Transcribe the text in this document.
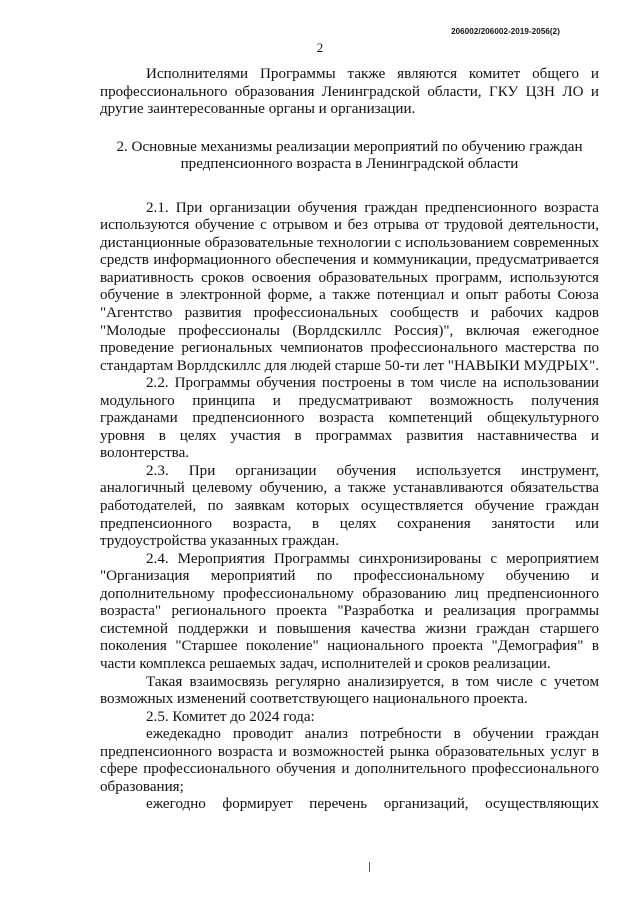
206002/206002-2019-2056(2)
2

Исполнителями Программы также являются комитет общего и профессионального образования Ленинградской области, ГКУ ЦЗН ЛО и другие заинтересованные органы и организации.

2. Основные механизмы реализации мероприятий по обучению граждан предпенсионного возраста в Ленинградской области

2.1. При организации обучения граждан предпенсионного возраста используются обучение с отрывом и без отрыва от трудовой деятельности, дистанционные образовательные технологии с использованием современных средств информационного обеспечения и коммуникации, предусматривается вариативность сроков освоения образовательных программ, используются обучение в электронной форме, а также потенциал и опыт работы Союза "Агентство развития профессиональных сообществ и рабочих кадров "Молодые профессионалы (Ворлдскиллс Россия)", включая ежегодное проведение региональных чемпионатов профессионального мастерства по стандартам Ворлдскиллс для людей старше 50-ти лет "НАВЫКИ МУДРЫХ".

2.2. Программы обучения построены в том числе на использовании модульного принципа и предусматривают возможность получения гражданами предпенсионного возраста компетенций общекультурного уровня в целях участия в программах развития наставничества и волонтерства.

2.3. При организации обучения используется инструмент, аналогичный целевому обучению, а также устанавливаются обязательства работодателей, по заявкам которых осуществляется обучение граждан предпенсионного возраста, в целях сохранения занятости или трудоустройства указанных граждан.

2.4. Мероприятия Программы синхронизированы с мероприятием "Организация мероприятий по профессиональному обучению и дополнительному профессиональному образованию лиц предпенсионного возраста" регионального проекта "Разработка и реализация программы системной поддержки и повышения качества жизни граждан старшего поколения "Старшее поколение" национального проекта "Демография" в части комплекса решаемых задач, исполнителей и сроков реализации.

Такая взаимосвязь регулярно анализируется, в том числе с учетом возможных изменений соответствующего национального проекта.

2.5. Комитет до 2024 года:

ежедекадно проводит анализ потребности в обучении граждан предпенсионного возраста и возможностей рынка образовательных услуг в сфере профессионального обучения и дополнительного профессионального образования;

ежегодно формирует перечень организаций, осуществляющих
